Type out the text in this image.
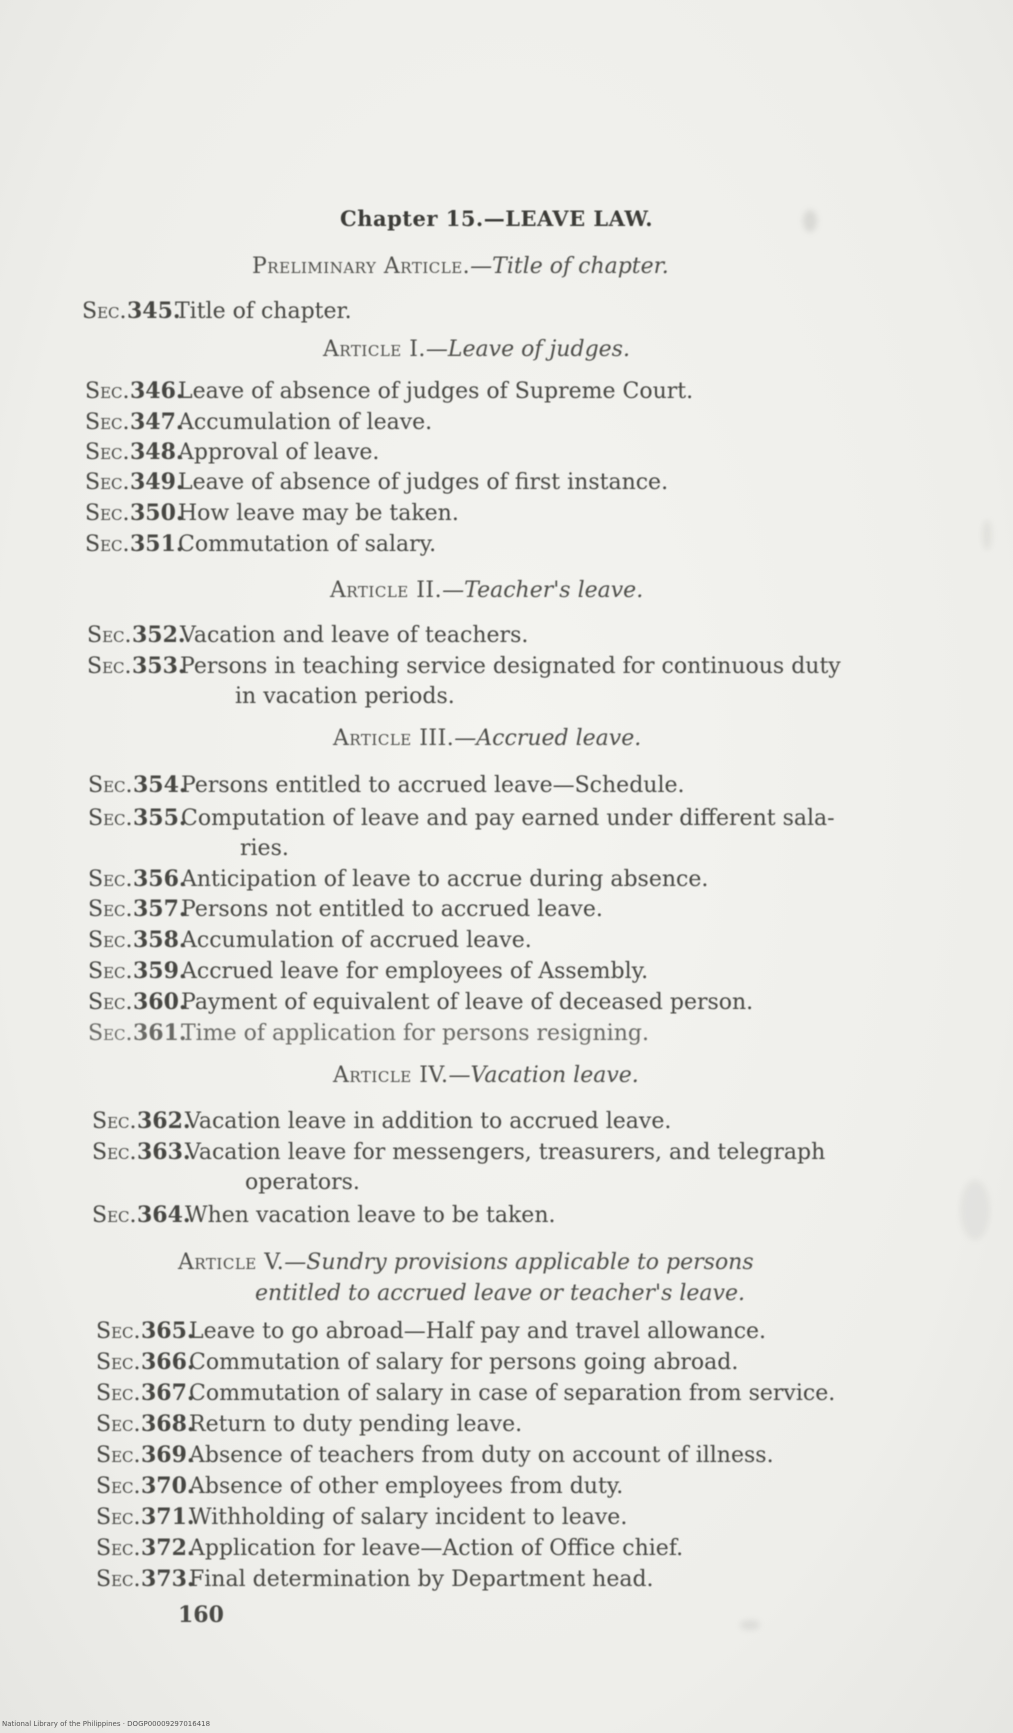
Chapter 15.—LEAVE LAW.
Preliminary Article.—Title of chapter.
Sec.345.Title of chapter.
Article I.—Leave of judges.
Sec.346.Leave of absence of judges of Supreme Court.
Sec.347.Accumulation of leave.
Sec.348.Approval of leave.
Sec.349.Leave of absence of judges of first instance.
Sec.350.How leave may be taken.
Sec.351.Commutation of salary.
Article II.—Teacher's leave.
Sec.352.Vacation and leave of teachers.
Sec.353.Persons in teaching service designated for continuous duty
in vacation periods.
Article III.—Accrued leave.
Sec.354.Persons entitled to accrued leave—Schedule.
Sec.355.Computation of leave and pay earned under different sala-
ries.
Sec.356.Anticipation of leave to accrue during absence.
Sec.357.Persons not entitled to accrued leave.
Sec.358.Accumulation of accrued leave.
Sec.359.Accrued leave for employees of Assembly.
Sec.360.Payment of equivalent of leave of deceased person.
Sec.361.Time of application for persons resigning.
Article IV.—Vacation leave.
Sec.362.Vacation leave in addition to accrued leave.
Sec.363.Vacation leave for messengers, treasurers, and telegraph
operators.
Sec.364.When vacation leave to be taken.
Article V.—Sundry provisions applicable to persons
entitled to accrued leave or teacher's leave.
Sec.365.Leave to go abroad—Half pay and travel allowance.
Sec.366.Commutation of salary for persons going abroad.
Sec.367.Commutation of salary in case of separation from service.
Sec.368.Return to duty pending leave.
Sec.369.Absence of teachers from duty on account of illness.
Sec.370.Absence of other employees from duty.
Sec.371.Withholding of salary incident to leave.
Sec.372.Application for leave—Action of Office chief.
Sec.373.Final determination by Department head.
160
National Library of the Philippines · DOGP00009297016418
